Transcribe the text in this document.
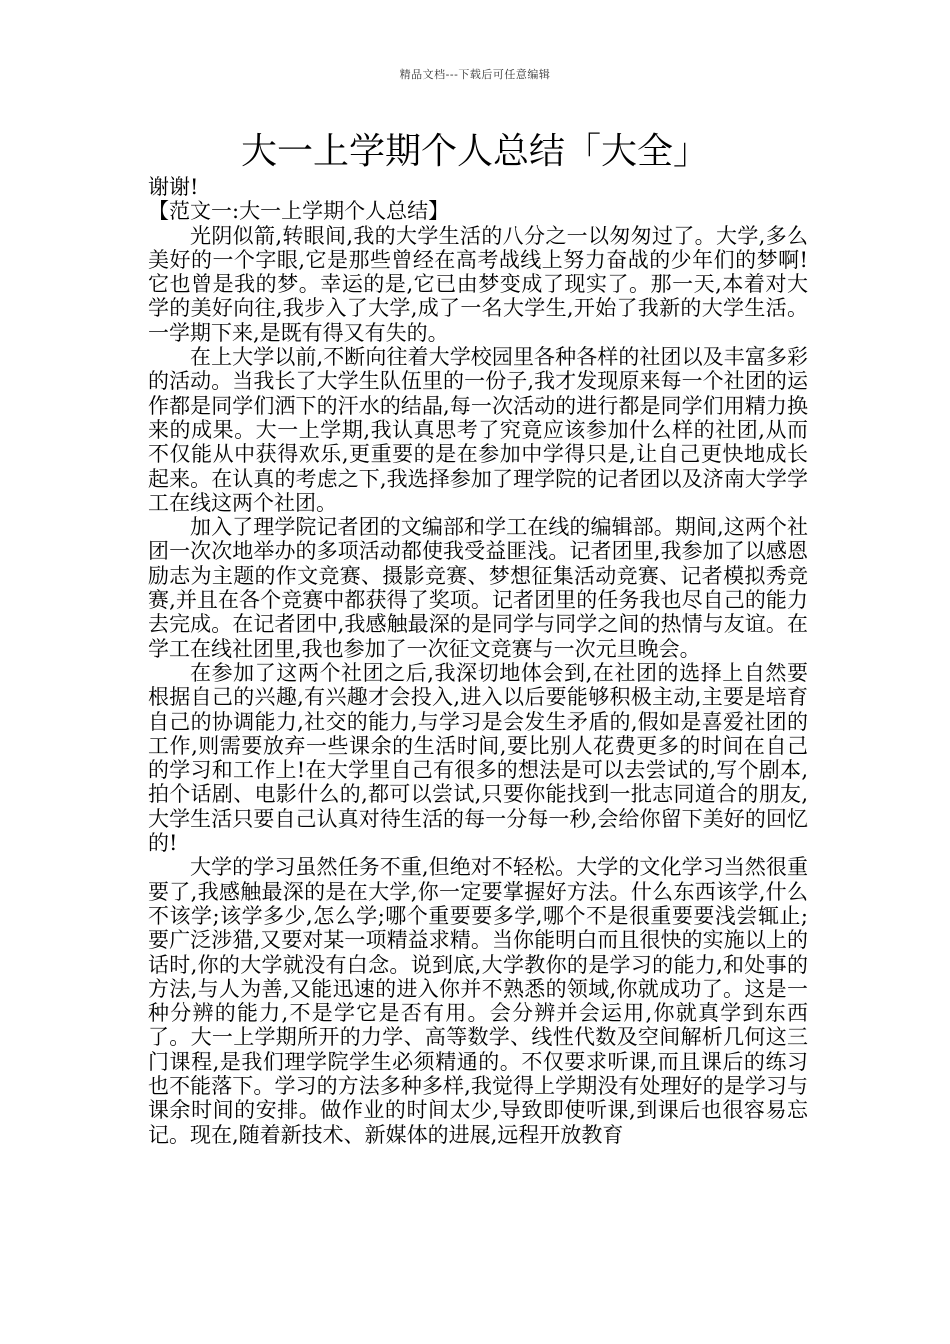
精品文档---下载后可任意编辑
大一上学期个人总结「大全」

谢谢!

【范文一:大一上学期个人总结】

光阴似箭,转眼间,我的大学生活的八分之一以匆匆过了。大学,多么美好的一个字眼,它是那些曾经在高考战线上努力奋战的少年们的梦啊!它也曾是我的梦。幸运的是,它已由梦变成了现实了。那一天,本着对大学的美好向往,我步入了大学,成了一名大学生,开始了我新的大学生活。一学期下来,是既有得又有失的。

在上大学以前,不断向往着大学校园里各种各样的社团以及丰富多彩的活动。当我长了大学生队伍里的一份子,我才发现原来每一个社团的运作都是同学们洒下的汗水的结晶,每一次活动的进行都是同学们用精力换来的成果。大一上学期,我认真思考了究竟应该参加什么样的社团,从而不仅能从中获得欢乐,更重要的是在参加中学得只是,让自己更快地成长起来。在认真的考虑之下,我选择参加了理学院的记者团以及济南大学学工在线这两个社团。

加入了理学院记者团的文编部和学工在线的编辑部。期间,这两个社团一次次地举办的多项活动都使我受益匪浅。记者团里,我参加了以感恩励志为主题的作文竞赛、摄影竞赛、梦想征集活动竞赛、记者模拟秀竞赛,并且在各个竞赛中都获得了奖项。记者团里的任务我也尽自己的能力去完成。在记者团中,我感触最深的是同学与同学之间的热情与友谊。在学工在线社团里,我也参加了一次征文竞赛与一次元旦晚会。

在参加了这两个社团之后,我深切地体会到,在社团的选择上自然要根据自己的兴趣,有兴趣才会投入,进入以后要能够积极主动,主要是培育自己的协调能力,社交的能力,与学习是会发生矛盾的,假如是喜爱社团的工作,则需要放弃一些课余的生活时间,要比别人花费更多的时间在自己的学习和工作上!在大学里自己有很多的想法是可以去尝试的,写个剧本,拍个话剧、电影什么的,都可以尝试,只要你能找到一批志同道合的朋友,大学生活只要自己认真对待生活的每一分每一秒,会给你留下美好的回忆的!

大学的学习虽然任务不重,但绝对不轻松。大学的文化学习当然很重要了,我感触最深的是在大学,你一定要掌握好方法。什么东西该学,什么不该学;该学多少,怎么学;哪个重要要多学,哪个不是很重要要浅尝辄止;要广泛涉猎,又要对某一项精益求精。当你能明白而且很快的实施以上的话时,你的大学就没有白念。说到底,大学教你的是学习的能力,和处事的方法,与人为善,又能迅速的进入你并不熟悉的领域,你就成功了。这是一种分辨的能力,不是学它是否有用。会分辨并会运用,你就真学到东西了。大一上学期所开的力学、高等数学、线性代数及空间解析几何这三门课程,是我们理学院学生必须精通的。不仅要求听课,而且课后的练习也不能落下。学习的方法多种多样,我觉得上学期没有处理好的是学习与课余时间的安排。做作业的时间太少,导致即使听课,到课后也很容易忘记。现在,随着新技术、新媒体的进展,远程开放教育
